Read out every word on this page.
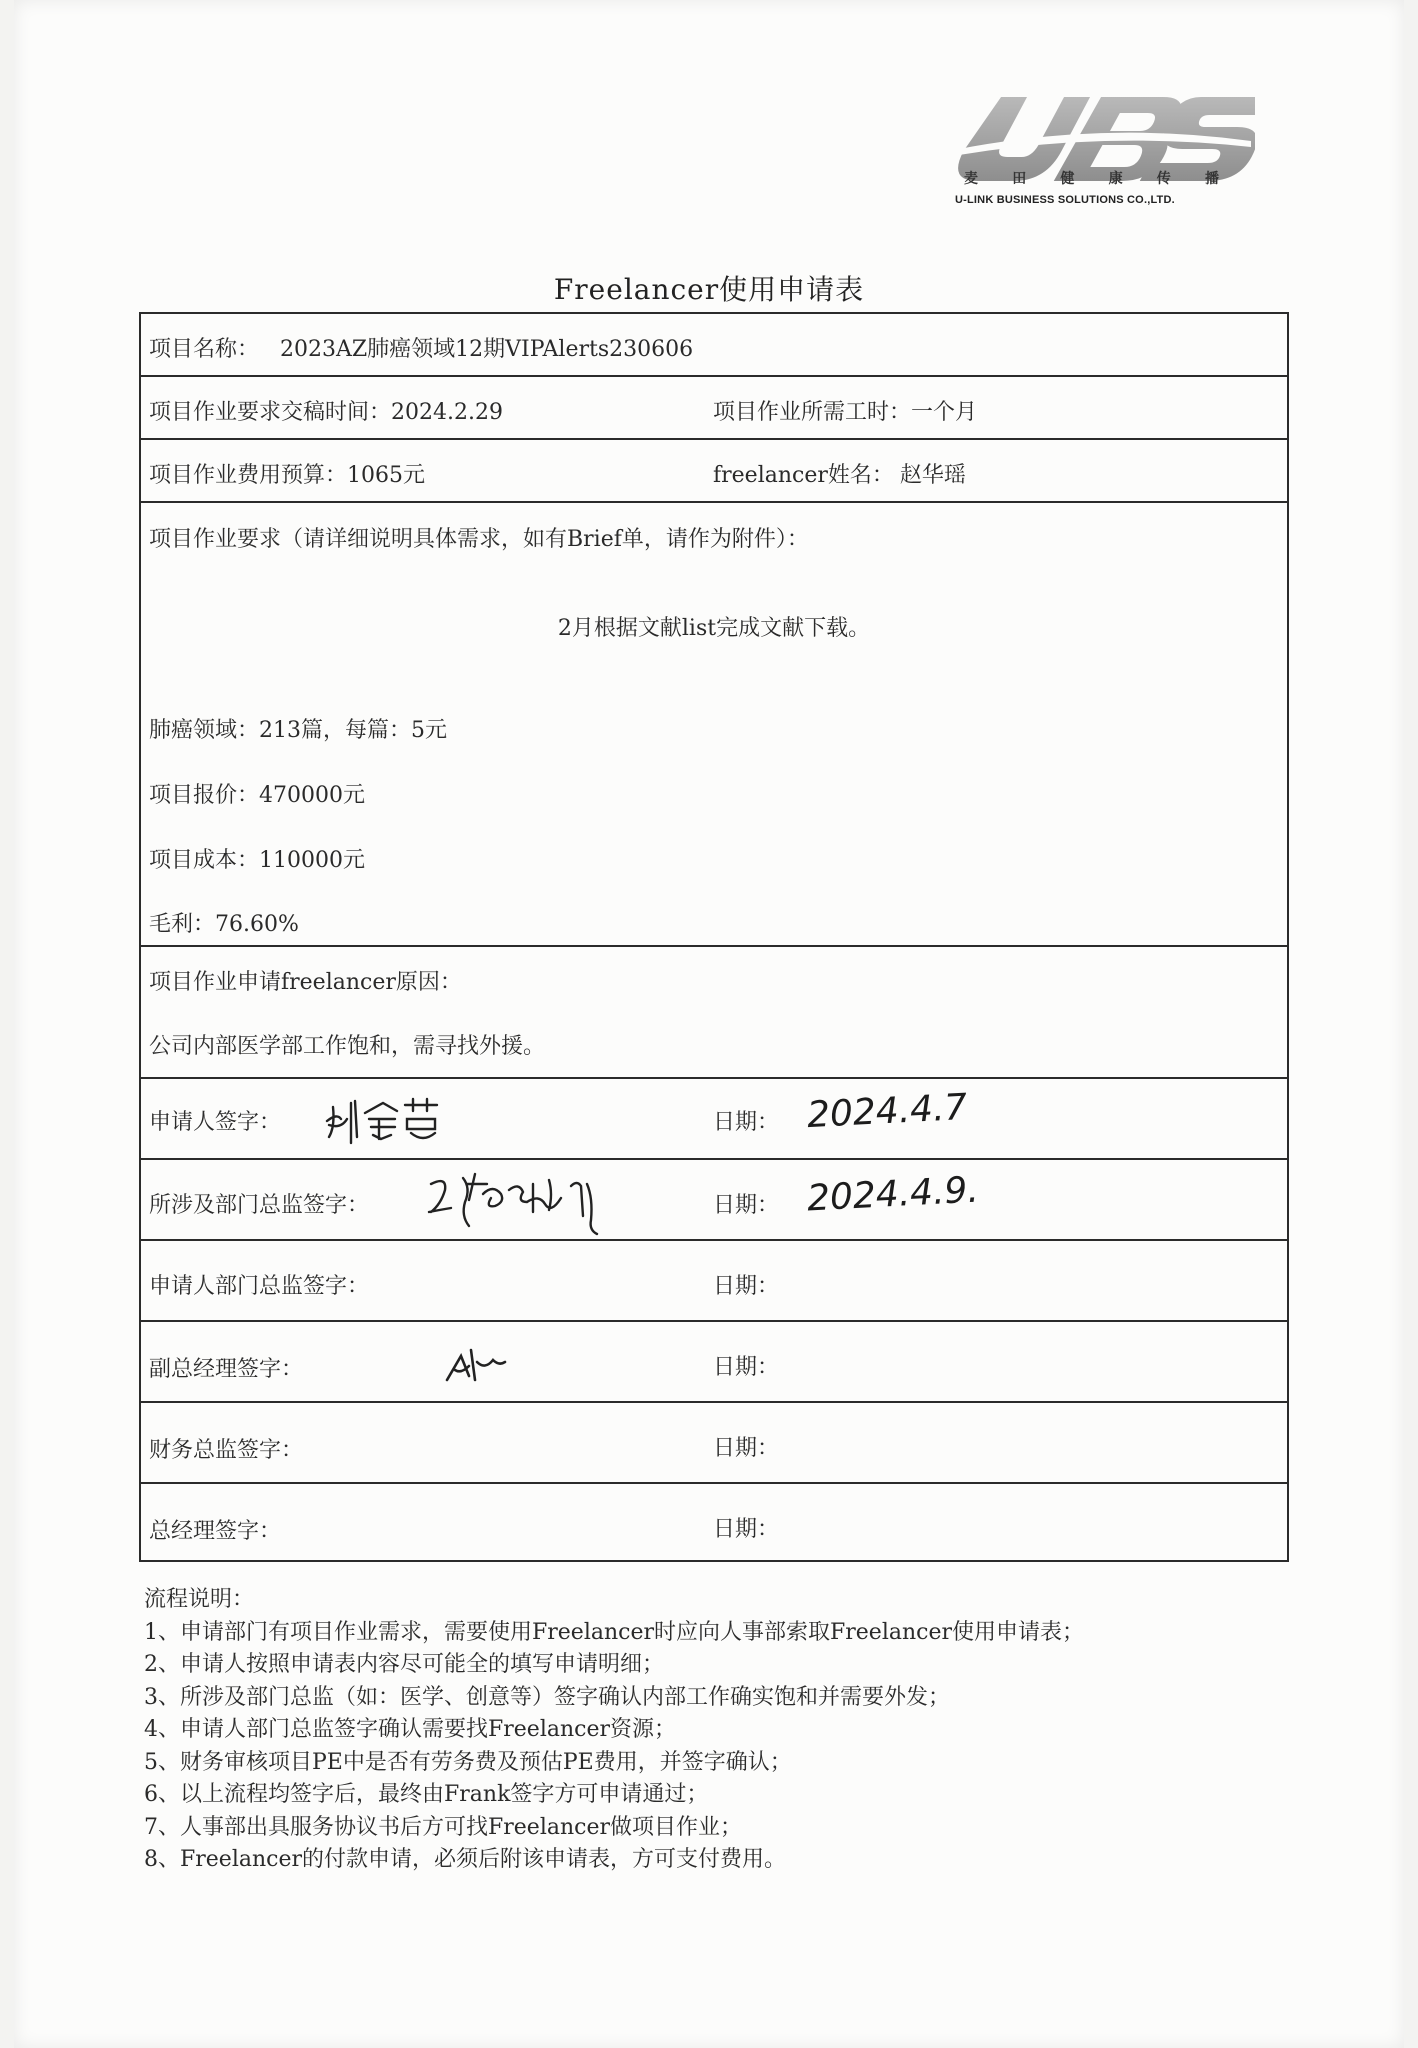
麦 田 健 康 传 播
U-LINK BUSINESS SOLUTIONS CO.,LTD.
Freelancer使用申请表
项目名称： 2023AZ肺癌领域12期VIPAlerts230606
项目作业要求交稿时间：2024.2.29	项目作业所需工时：一个月
项目作业费用预算：1065元	freelancer姓名： 赵华瑶
项目作业要求（请详细说明具体需求，如有Brief单，请作为附件）：
2月根据文献list完成文献下载。
肺癌领域：213篇，每篇：5元
项目报价：470000元
项目成本：110000元
毛利：76.60%
项目作业申请freelancer原因：
公司内部医学部工作饱和，需寻找外援。
申请人签字：	日期： 2024.4.7
所涉及部门总监签字：	日期： 2024.4.9.
申请人部门总监签字：	日期：
副总经理签字：	日期：
财务总监签字：	日期：
总经理签字：	日期：
流程说明：
1、申请部门有项目作业需求，需要使用Freelancer时应向人事部索取Freelancer使用申请表；
2、申请人按照申请表内容尽可能全的填写申请明细；
3、所涉及部门总监（如：医学、创意等）签字确认内部工作确实饱和并需要外发；
4、申请人部门总监签字确认需要找Freelancer资源；
5、财务审核项目PE中是否有劳务费及预估PE费用，并签字确认；
6、以上流程均签字后，最终由Frank签字方可申请通过；
7、人事部出具服务协议书后方可找Freelancer做项目作业；
8、Freelancer的付款申请，必须后附该申请表，方可支付费用。
